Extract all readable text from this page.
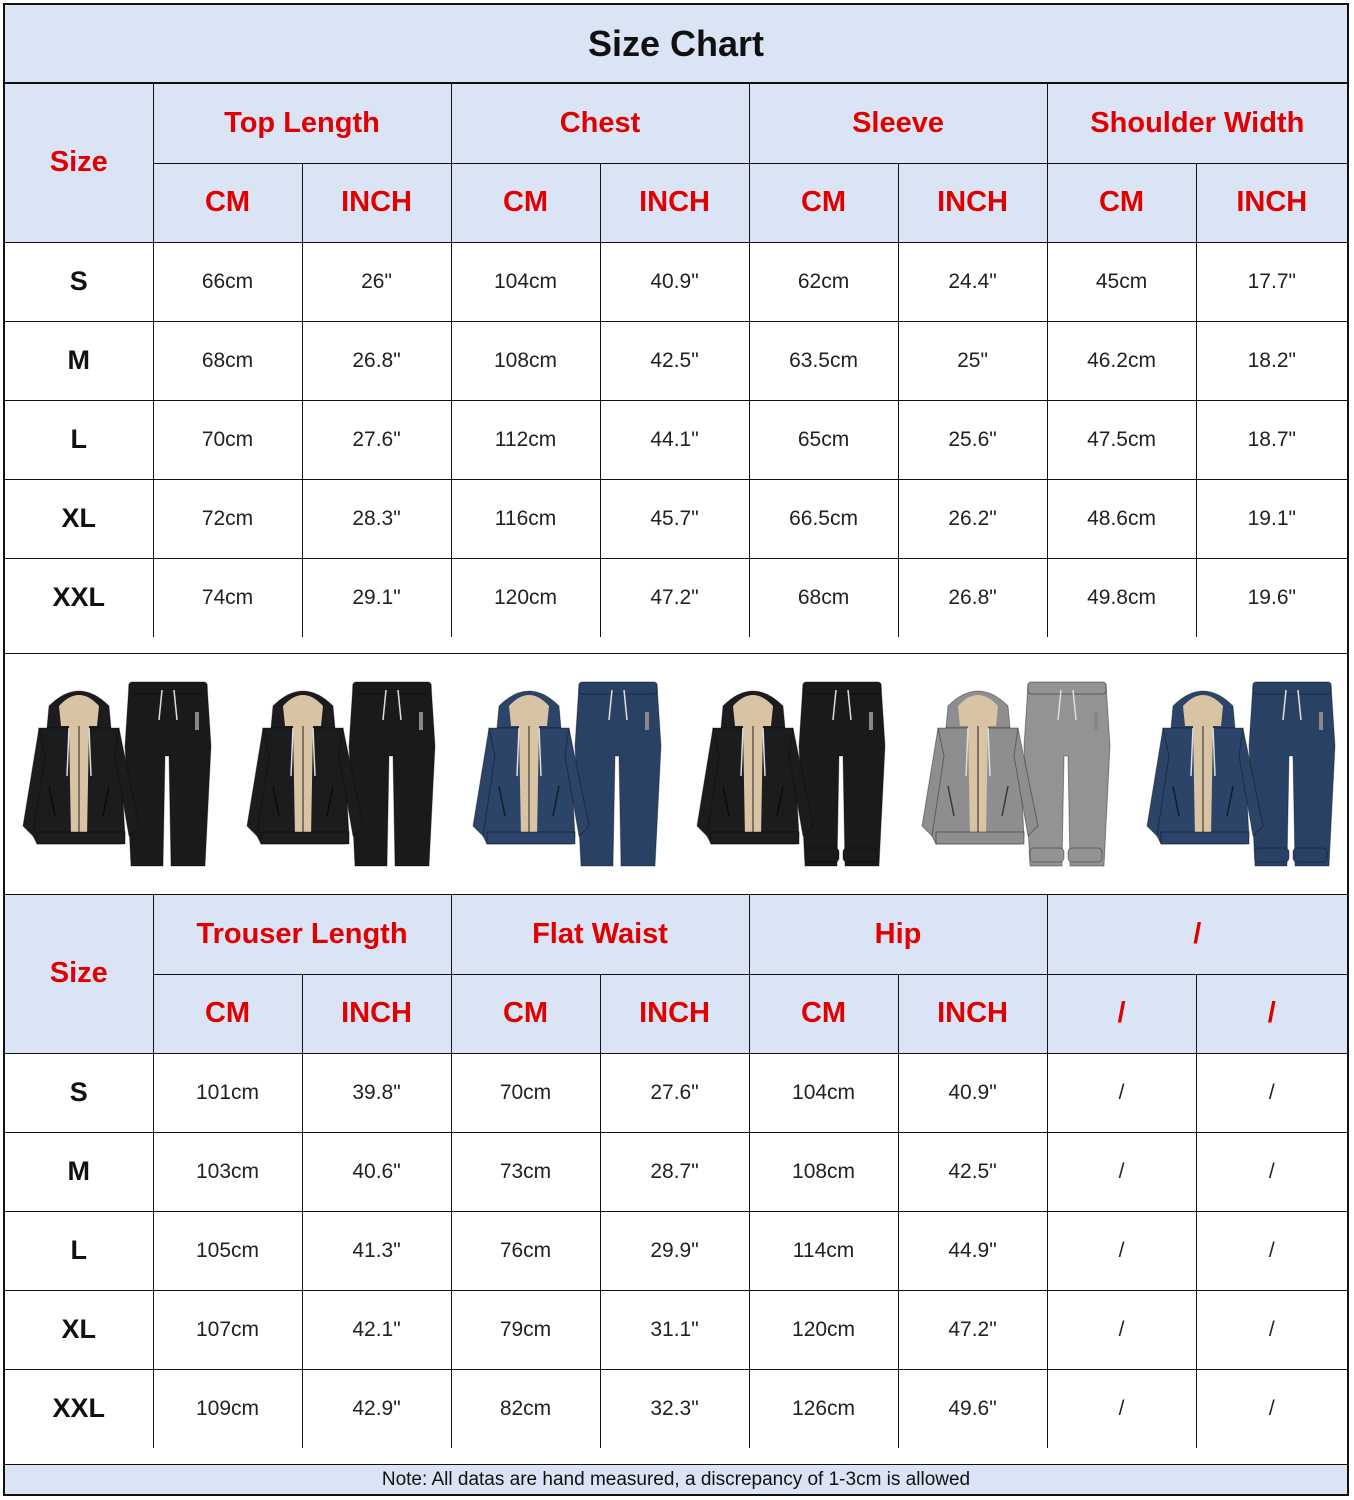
Size Chart
Size	Top Length		Chest		Sleeve		Shoulder Width	
	CM	INCH	CM	INCH	CM	INCH	CM	INCH
S	66cm	26"	104cm	40.9"	62cm	24.4"	45cm	17.7"
M	68cm	26.8"	108cm	42.5"	63.5cm	25"	46.2cm	18.2"
L	70cm	27.6"	112cm	44.1"	65cm	25.6"	47.5cm	18.7"
XL	72cm	28.3"	116cm	45.7"	66.5cm	26.2"	48.6cm	19.1"
XXL	74cm	29.1"	120cm	47.2"	68cm	26.8"	49.8cm	19.6"
Size	Trouser Length		Flat Waist		Hip		/	
	CM	INCH	CM	INCH	CM	INCH	/	/
S	101cm	39.8"	70cm	27.6"	104cm	40.9"	/	/
M	103cm	40.6"	73cm	28.7"	108cm	42.5"	/	/
L	105cm	41.3"	76cm	29.9"	114cm	44.9"	/	/
XL	107cm	42.1"	79cm	31.1"	120cm	47.2"	/	/
XXL	109cm	42.9"	82cm	32.3"	126cm	49.6"	/	/
Note: All datas are hand measured, a discrepancy of 1-3cm is allowed
